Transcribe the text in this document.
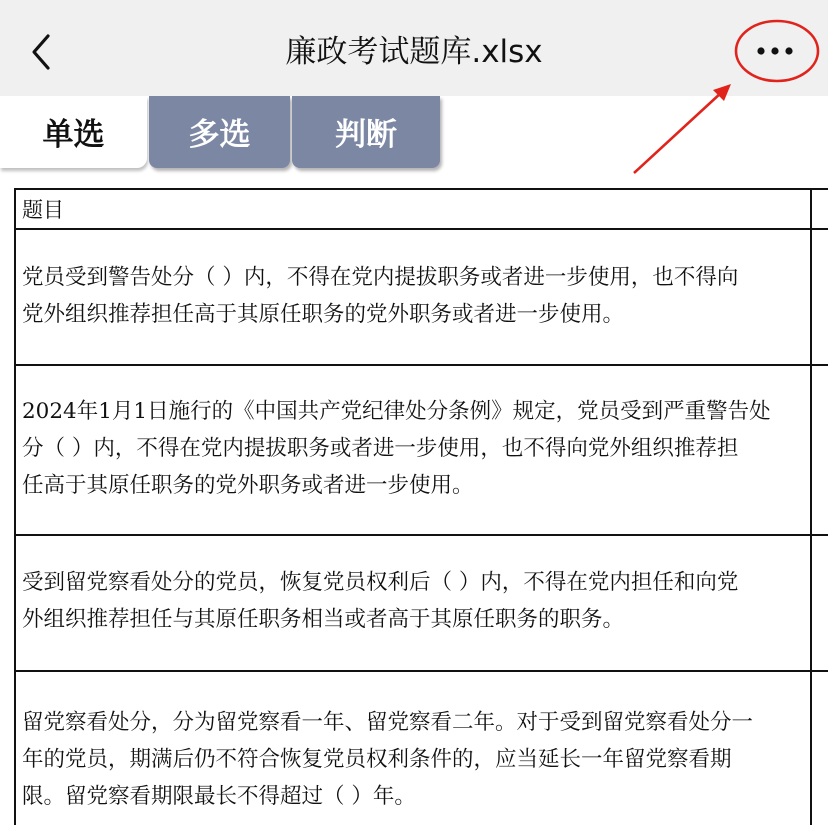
廉政考试题库.xlsx
单选	多选	判断
题目
党员受到警告处分（ ）内，不得在党内提拔职务或者进一步使用，也不得向
党外组织推荐担任高于其原任职务的党外职务或者进一步使用。
2024年1月1日施行的《中国共产党纪律处分条例》规定，党员受到严重警告处
分（ ）内，不得在党内提拔职务或者进一步使用，也不得向党外组织推荐担
任高于其原任职务的党外职务或者进一步使用。
受到留党察看处分的党员，恢复党员权利后（ ）内，不得在党内担任和向党
外组织推荐担任与其原任职务相当或者高于其原任职务的职务。
留党察看处分，分为留党察看一年、留党察看二年。对于受到留党察看处分一
年的党员，期满后仍不符合恢复党员权利条件的，应当延长一年留党察看期
限。留党察看期限最长不得超过（ ）年。
